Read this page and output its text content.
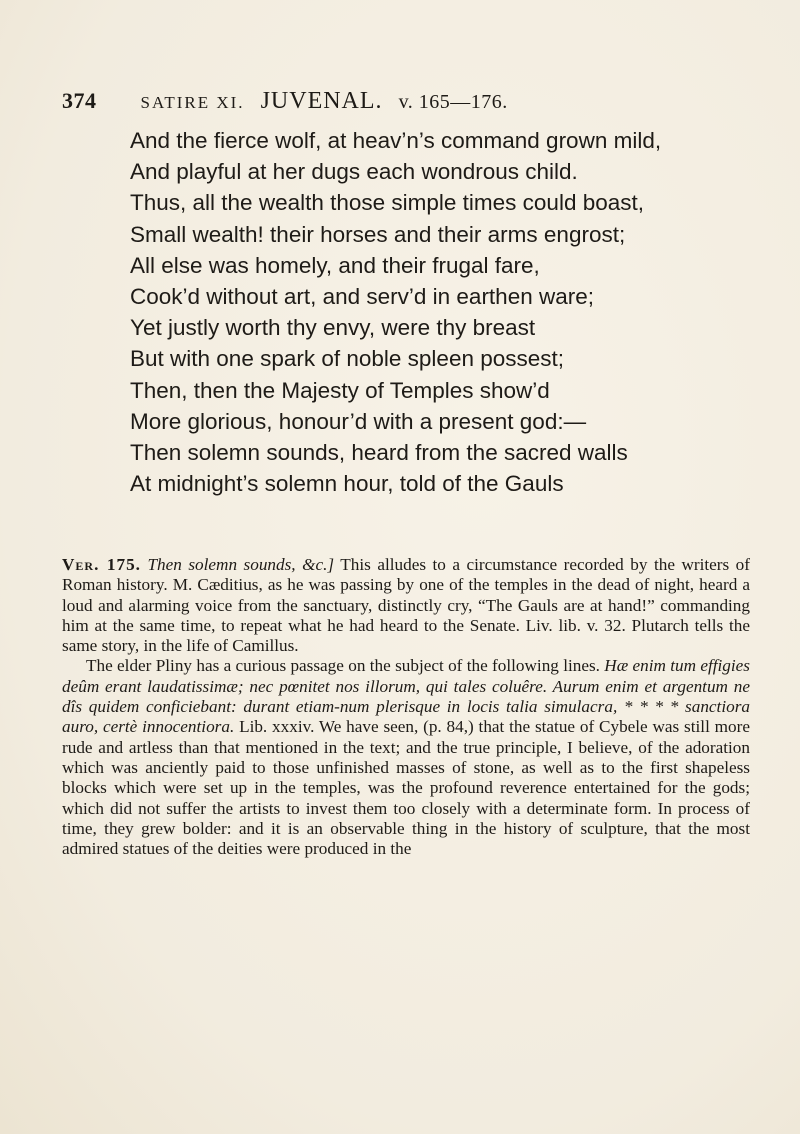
374	SATIRE XI. JUVENAL. v. 165—176.
And the fierce wolf, at heav’n’s command grown mild,
And playful at her dugs each wondrous child.
Thus, all the wealth those simple times could boast,
Small wealth! their horses and their arms engrost;
All else was homely, and their frugal fare,
Cook’d without art, and serv’d in earthen ware;
Yet justly worth thy envy, were thy breast
But with one spark of noble spleen possest;
Then, then the Majesty of Temples show’d
More glorious, honour’d with a present god:—
Then solemn sounds, heard from the sacred walls
At midnight’s solemn hour, told of the Gauls

Ver. 175. Then solemn sounds, &c.] This alludes to a circumstance recorded by the writers of Roman history. M. Cæditius, as he was passing by one of the temples in the dead of night, heard a loud and alarming voice from the sanctuary, distinctly cry, “The Gauls are at hand!” commanding him at the same time, to repeat what he had heard to the Senate. Liv. lib. v. 32. Plutarch tells the same story, in the life of Camillus.

The elder Pliny has a curious passage on the subject of the following lines. Hæ enim tum effigies deûm erant laudatissimæ; nec pœnitet nos illorum, qui tales coluêre. Aurum enim et argentum ne dîs quidem conficiebant: durant etiam-num plerisque in locis talia simulacra, * * * * sanctiora auro, certè innocentiora. Lib. xxxiv. We have seen, (p. 84,) that the statue of Cybele was still more rude and artless than that mentioned in the text; and the true principle, I believe, of the adoration which was anciently paid to those unfinished masses of stone, as well as to the first shapeless blocks which were set up in the temples, was the profound reverence entertained for the gods; which did not suffer the artists to invest them too closely with a determinate form. In process of time, they grew bolder: and it is an observable thing in the history of sculpture, that the most admired statues of the deities were produced in the
